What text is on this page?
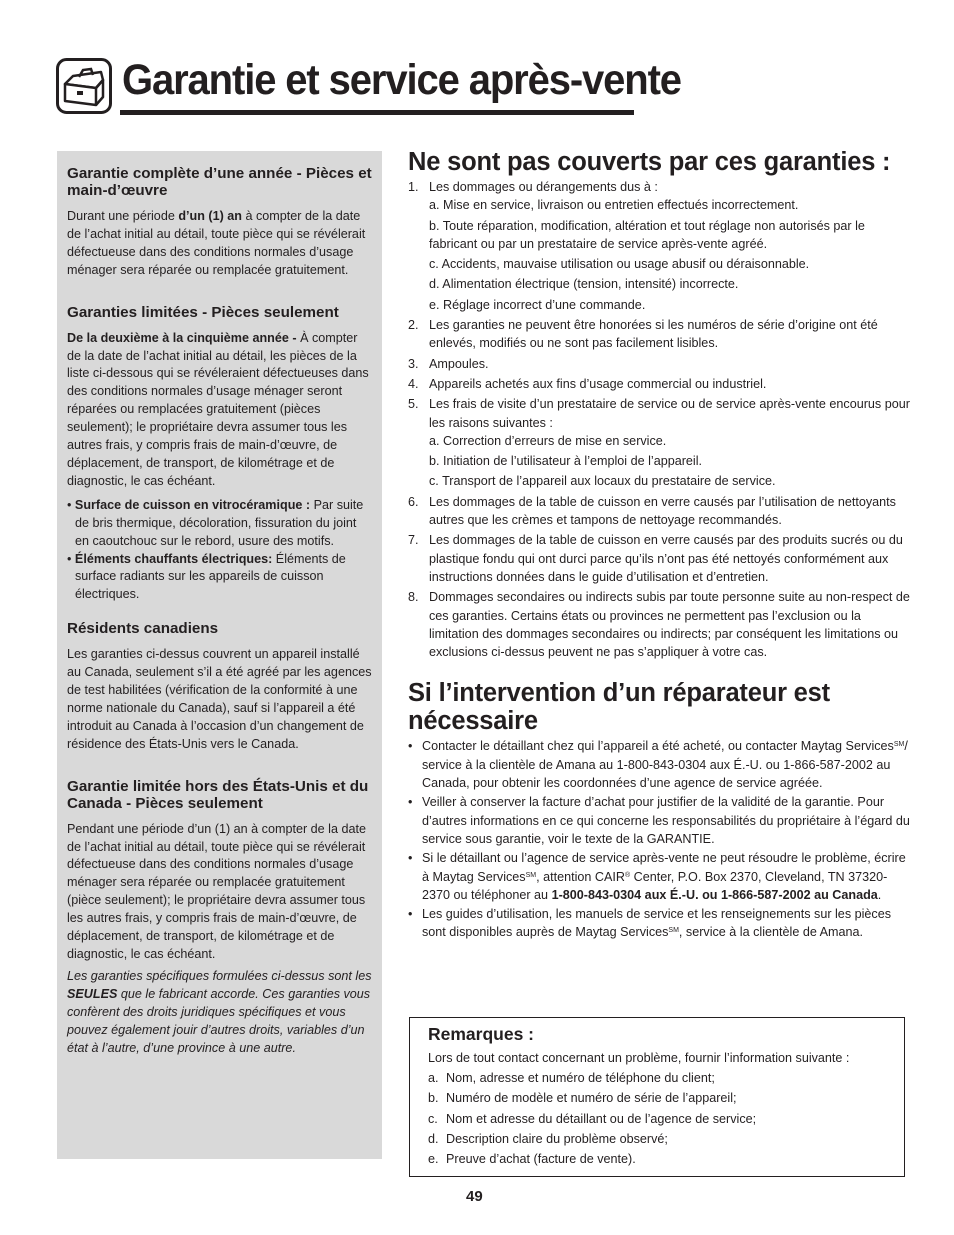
Garantie et service après-vente
Garantie complète d’une année - Pièces et main-d’œuvre
Durant une période d’un (1) an à compter de la date de l’achat initial au détail, toute pièce qui se révélerait défectueuse dans des conditions normales d’usage ménager sera réparée ou remplacée gratuitement.
Garanties limitées - Pièces seulement
De la deuxième à la cinquième année - À compter de la date de l’achat initial au détail, les pièces de la liste ci-dessous qui se révéleraient défectueuses dans des conditions normales d’usage ménager seront réparées ou remplacées gratuitement (pièces seulement); le propriétaire devra assumer tous les autres frais, y compris frais de main-d’œuvre, de déplacement, de transport, de kilométrage et de diagnostic, le cas échéant.
• Surface de cuisson en vitrocéramique : Par suite de bris thermique, décoloration, fissuration du joint en caoutchouc sur le rebord, usure des motifs.
• Éléments chauffants électriques: Éléments de surface radiants sur les appareils de cuisson électriques.
Résidents canadiens
Les garanties ci-dessus couvrent un appareil installé au Canada, seulement s’il a été agréé par les agences de test habilitées (vérification de la conformité à une norme nationale du Canada), sauf si l’appareil a été introduit au Canada à l’occasion d’un changement de résidence des États-Unis vers le Canada.
Garantie limitée hors des États-Unis et du Canada - Pièces seulement
Pendant une période d’un (1) an à compter de la date de l’achat initial au détail, toute pièce qui se révélerait défectueuse dans des conditions normales d’usage ménager sera réparée ou remplacée gratuitement (pièce seulement); le propriétaire devra assumer tous les autres frais, y compris frais de main-d’œuvre, de déplacement, de transport, de kilométrage et de diagnostic, le cas échéant.
Les garanties spécifiques formulées ci-dessus sont les SEULES que le fabricant accorde. Ces garanties vous confèrent des droits juridiques spécifiques et vous pouvez également jouir d’autres droits, variables d’un état à l’autre, d’une province à une autre.
Ne sont pas couverts par ces garanties :
1. Les dommages ou dérangements dus à :
a. Mise en service, livraison ou entretien effectués incorrectement.
b. Toute réparation, modification, altération et tout réglage non autorisés par le fabricant ou par un prestataire de service après-vente agréé.
c. Accidents, mauvaise utilisation ou usage abusif ou déraisonnable.
d. Alimentation électrique (tension, intensité) incorrecte.
e. Réglage incorrect d’une commande.
2. Les garanties ne peuvent être honorées si les numéros de série d’origine ont été enlevés, modifiés ou ne sont pas facilement lisibles.
3. Ampoules.
4. Appareils achetés aux fins d’usage commercial ou industriel.
5. Les frais de visite d’un prestataire de service ou de service après-vente encourus pour les raisons suivantes :
a. Correction d’erreurs de mise en service.
b. Initiation de l’utilisateur à l’emploi de l’appareil.
c. Transport de l’appareil aux locaux du prestataire de service.
6. Les dommages de la table de cuisson en verre causés par l’utilisation de nettoyants autres que les crèmes et tampons de nettoyage recommandés.
7. Les dommages de la table de cuisson en verre causés par des produits sucrés ou du plastique fondu qui ont durci parce qu’ils n’ont pas été nettoyés conformément aux instructions données dans le guide d’utilisation et d’entretien.
8. Dommages secondaires ou indirects subis par toute personne suite au non-respect de ces garanties. Certains états ou provinces ne permettent pas l’exclusion ou la limitation des dommages secondaires ou indirects; par conséquent les limitations ou exclusions ci-dessus peuvent ne pas s’appliquer à votre cas.
Si l’intervention d’un réparateur est nécessaire
• Contacter le détaillant chez qui l’appareil a été acheté, ou contacter Maytag Services℠/ service à la clientèle de Amana au 1-800-843-0304 aux É.-U. ou 1-866-587-2002 au Canada, pour obtenir les coordonnées d’une agence de service agréée.
• Veiller à conserver la facture d’achat pour justifier de la validité de la garantie. Pour d’autres informations en ce qui concerne les responsabilités du propriétaire à l’égard du service sous garantie, voir le texte de la GARANTIE.
• Si le détaillant ou l’agence de service après-vente ne peut résoudre le problème, écrire à Maytag Services℠, attention CAIR® Center, P.O. Box 2370, Cleveland, TN 37320-2370 ou téléphoner au 1-800-843-0304 aux É.-U. ou 1-866-587-2002 au Canada.
• Les guides d’utilisation, les manuels de service et les renseignements sur les pièces sont disponibles auprès de Maytag Services℠, service à la clientèle de Amana.
Remarques :
Lors de tout contact concernant un problème, fournir l’information suivante :
a. Nom, adresse et numéro de téléphone du client;
b. Numéro de modèle et numéro de série de l’appareil;
c. Nom et adresse du détaillant ou de l’agence de service;
d. Description claire du problème observé;
e. Preuve d’achat (facture de vente).
49
